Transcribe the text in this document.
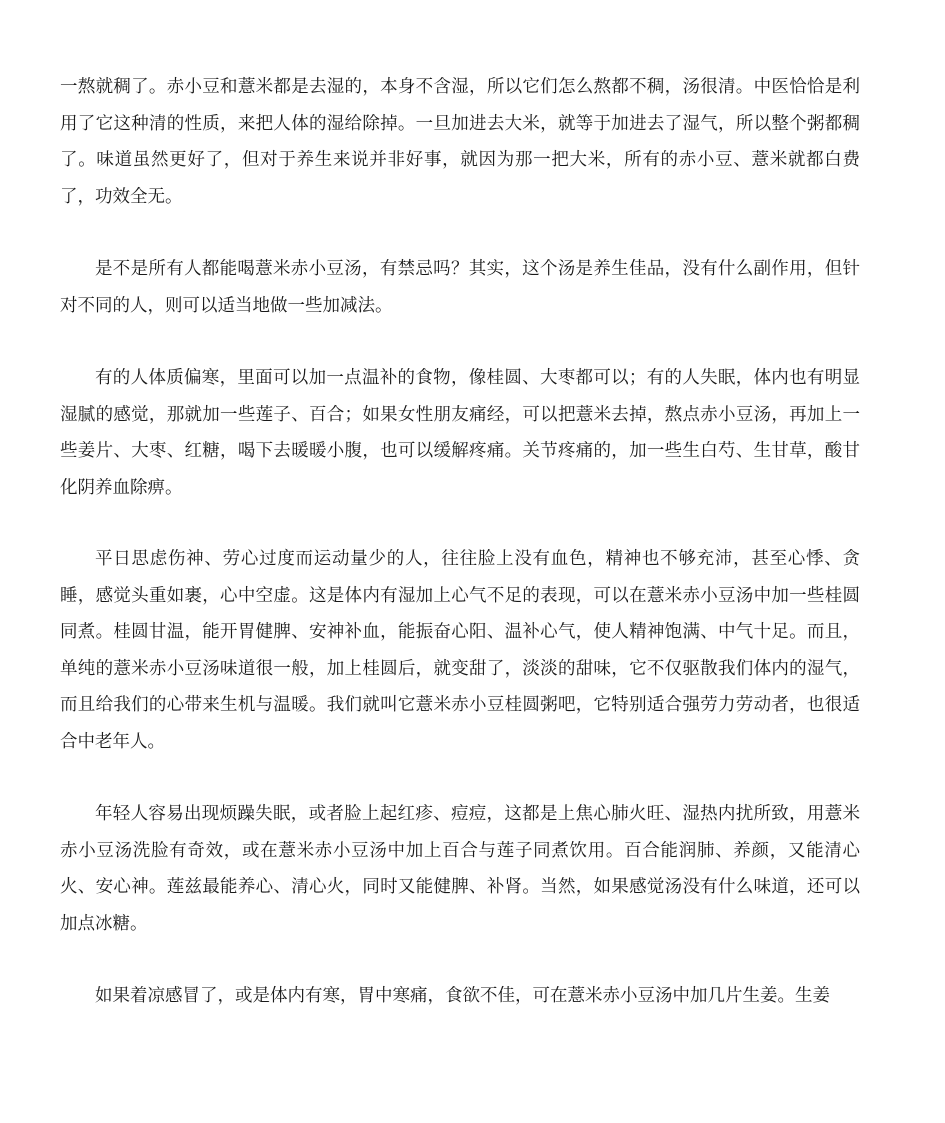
一熬就稠了。赤小豆和薏米都是去湿的，本身不含湿，所以它们怎么熬都不稠，汤很清。中医恰恰是利用了它这种清的性质，来把人体的湿给除掉。一旦加进去大米，就等于加进去了湿气，所以整个粥都稠了。味道虽然更好了，但对于养生来说并非好事，就因为那一把大米，所有的赤小豆、薏米就都白费了，功效全无。

是不是所有人都能喝薏米赤小豆汤，有禁忌吗？其实，这个汤是养生佳品，没有什么副作用，但针对不同的人，则可以适当地做一些加减法。

有的人体质偏寒，里面可以加一点温补的食物，像桂圆、大枣都可以；有的人失眠，体内也有明显湿腻的感觉，那就加一些莲子、百合；如果女性朋友痛经，可以把薏米去掉，熬点赤小豆汤，再加上一些姜片、大枣、红糖，喝下去暖暖小腹，也可以缓解疼痛。关节疼痛的，加一些生白芍、生甘草，酸甘化阴养血除痹。

平日思虑伤神、劳心过度而运动量少的人，往往脸上没有血色，精神也不够充沛，甚至心悸、贪睡，感觉头重如裹，心中空虚。这是体内有湿加上心气不足的表现，可以在薏米赤小豆汤中加一些桂圆同煮。桂圆甘温，能开胃健脾、安神补血，能振奋心阳、温补心气，使人精神饱满、中气十足。而且，单纯的薏米赤小豆汤味道很一般，加上桂圆后，就变甜了，淡淡的甜味，它不仅驱散我们体内的湿气，而且给我们的心带来生机与温暖。我们就叫它薏米赤小豆桂圆粥吧，它特别适合强劳力劳动者，也很适合中老年人。

年轻人容易出现烦躁失眠，或者脸上起红疹、痘痘，这都是上焦心肺火旺、湿热内扰所致，用薏米赤小豆汤洗脸有奇效，或在薏米赤小豆汤中加上百合与莲子同煮饮用。百合能润肺、养颜，又能清心火、安心神。莲兹最能养心、清心火，同时又能健脾、补肾。当然，如果感觉汤没有什么味道，还可以加点冰糖。

如果着凉感冒了，或是体内有寒，胃中寒痛，食欲不佳，可在薏米赤小豆汤中加几片生姜。生姜
